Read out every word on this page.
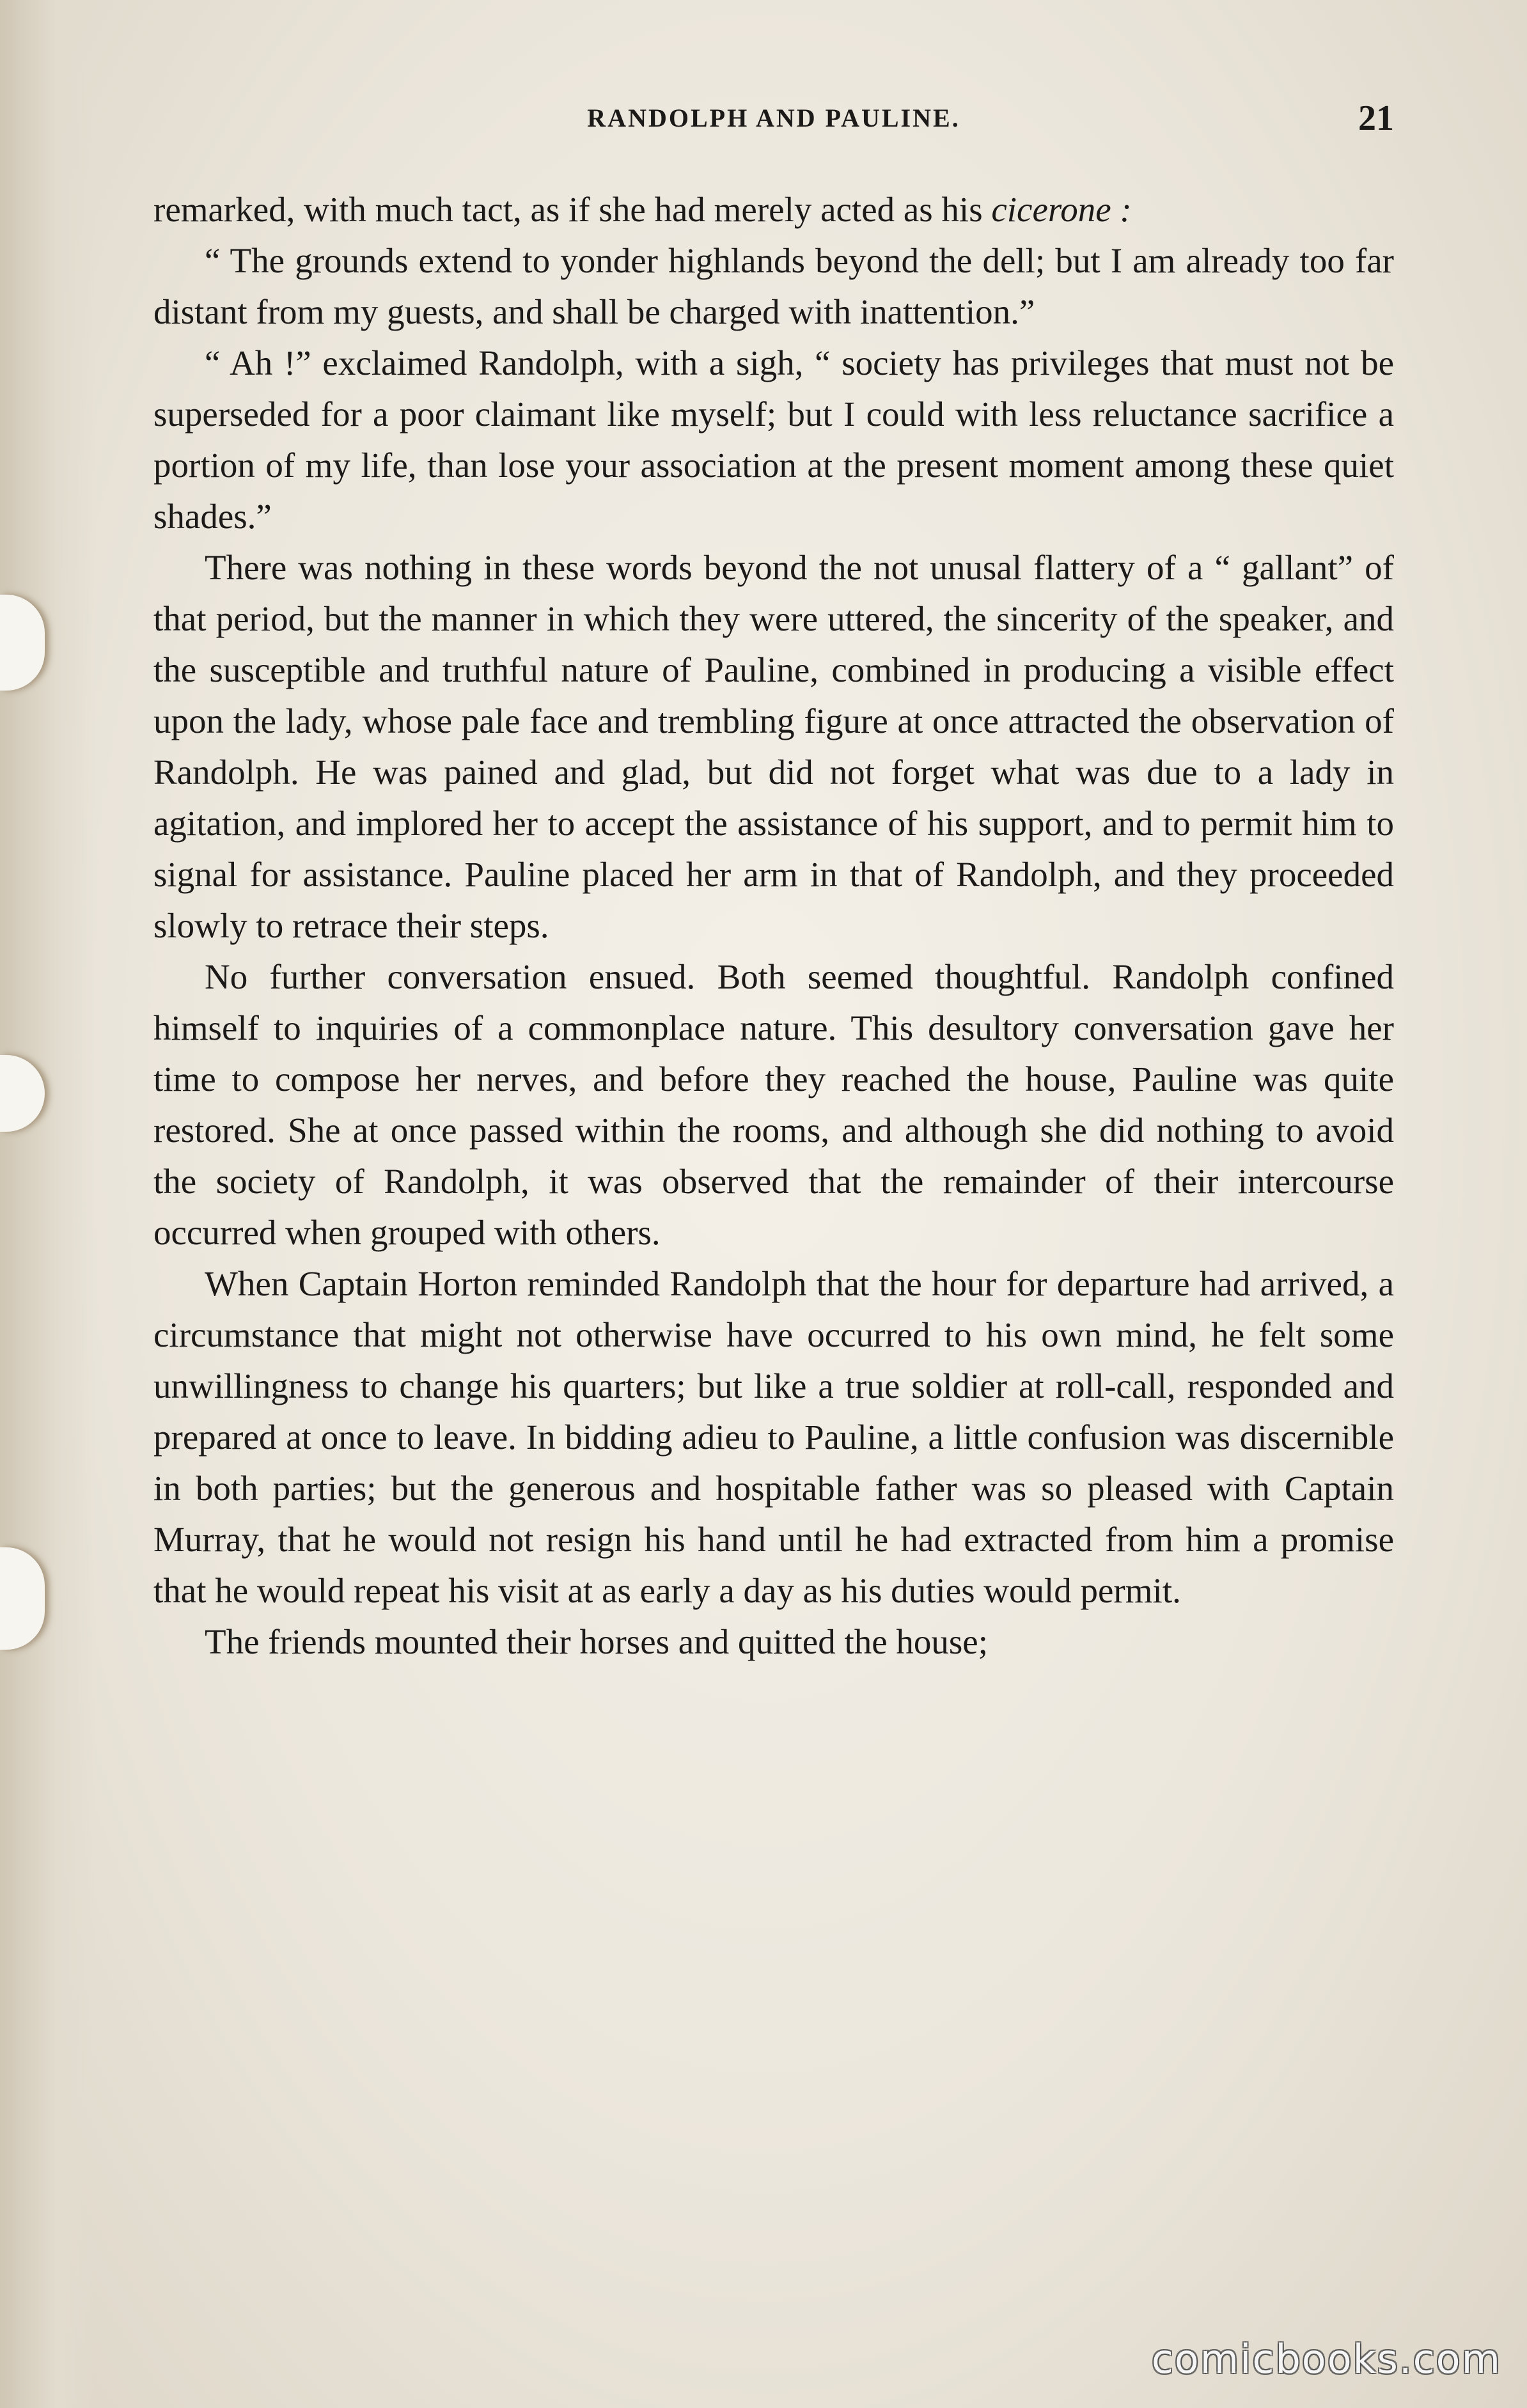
RANDOLPH AND PAULINE.	21

remarked, with much tact, as if she had merely acted as his cicerone :

“ The grounds extend to yonder highlands beyond the dell; but I am already too far distant from my guests, and shall be charged with inattention.”

“ Ah !” exclaimed Randolph, with a sigh, “ society has privileges that must not be superseded for a poor claimant like myself; but I could with less reluctance sacrifice a portion of my life, than lose your association at the present moment among these quiet shades.”

There was nothing in these words beyond the not unusal flattery of a “ gallant” of that period, but the manner in which they were uttered, the sincerity of the speaker, and the susceptible and truthful nature of Pauline, combined in producing a visible effect upon the lady, whose pale face and trembling figure at once attracted the observation of Randolph. He was pained and glad, but did not forget what was due to a lady in agitation, and implored her to accept the assistance of his support, and to permit him to signal for assistance. Pauline placed her arm in that of Randolph, and they proceeded slowly to retrace their steps.

No further conversation ensued. Both seemed thoughtful. Randolph confined himself to inquiries of a commonplace nature. This desultory conversation gave her time to compose her nerves, and before they reached the house, Pauline was quite restored. She at once passed within the rooms, and although she did nothing to avoid the society of Randolph, it was observed that the remainder of their intercourse occurred when grouped with others.

When Captain Horton reminded Randolph that the hour for departure had arrived, a circumstance that might not otherwise have occurred to his own mind, he felt some unwillingness to change his quarters; but like a true soldier at roll-call, responded and prepared at once to leave. In bidding adieu to Pauline, a little confusion was discernible in both parties; but the generous and hospitable father was so pleased with Captain Murray, that he would not resign his hand until he had extracted from him a promise that he would repeat his visit at as early a day as his duties would permit.

The friends mounted their horses and quitted the house;

comicbooks.com
